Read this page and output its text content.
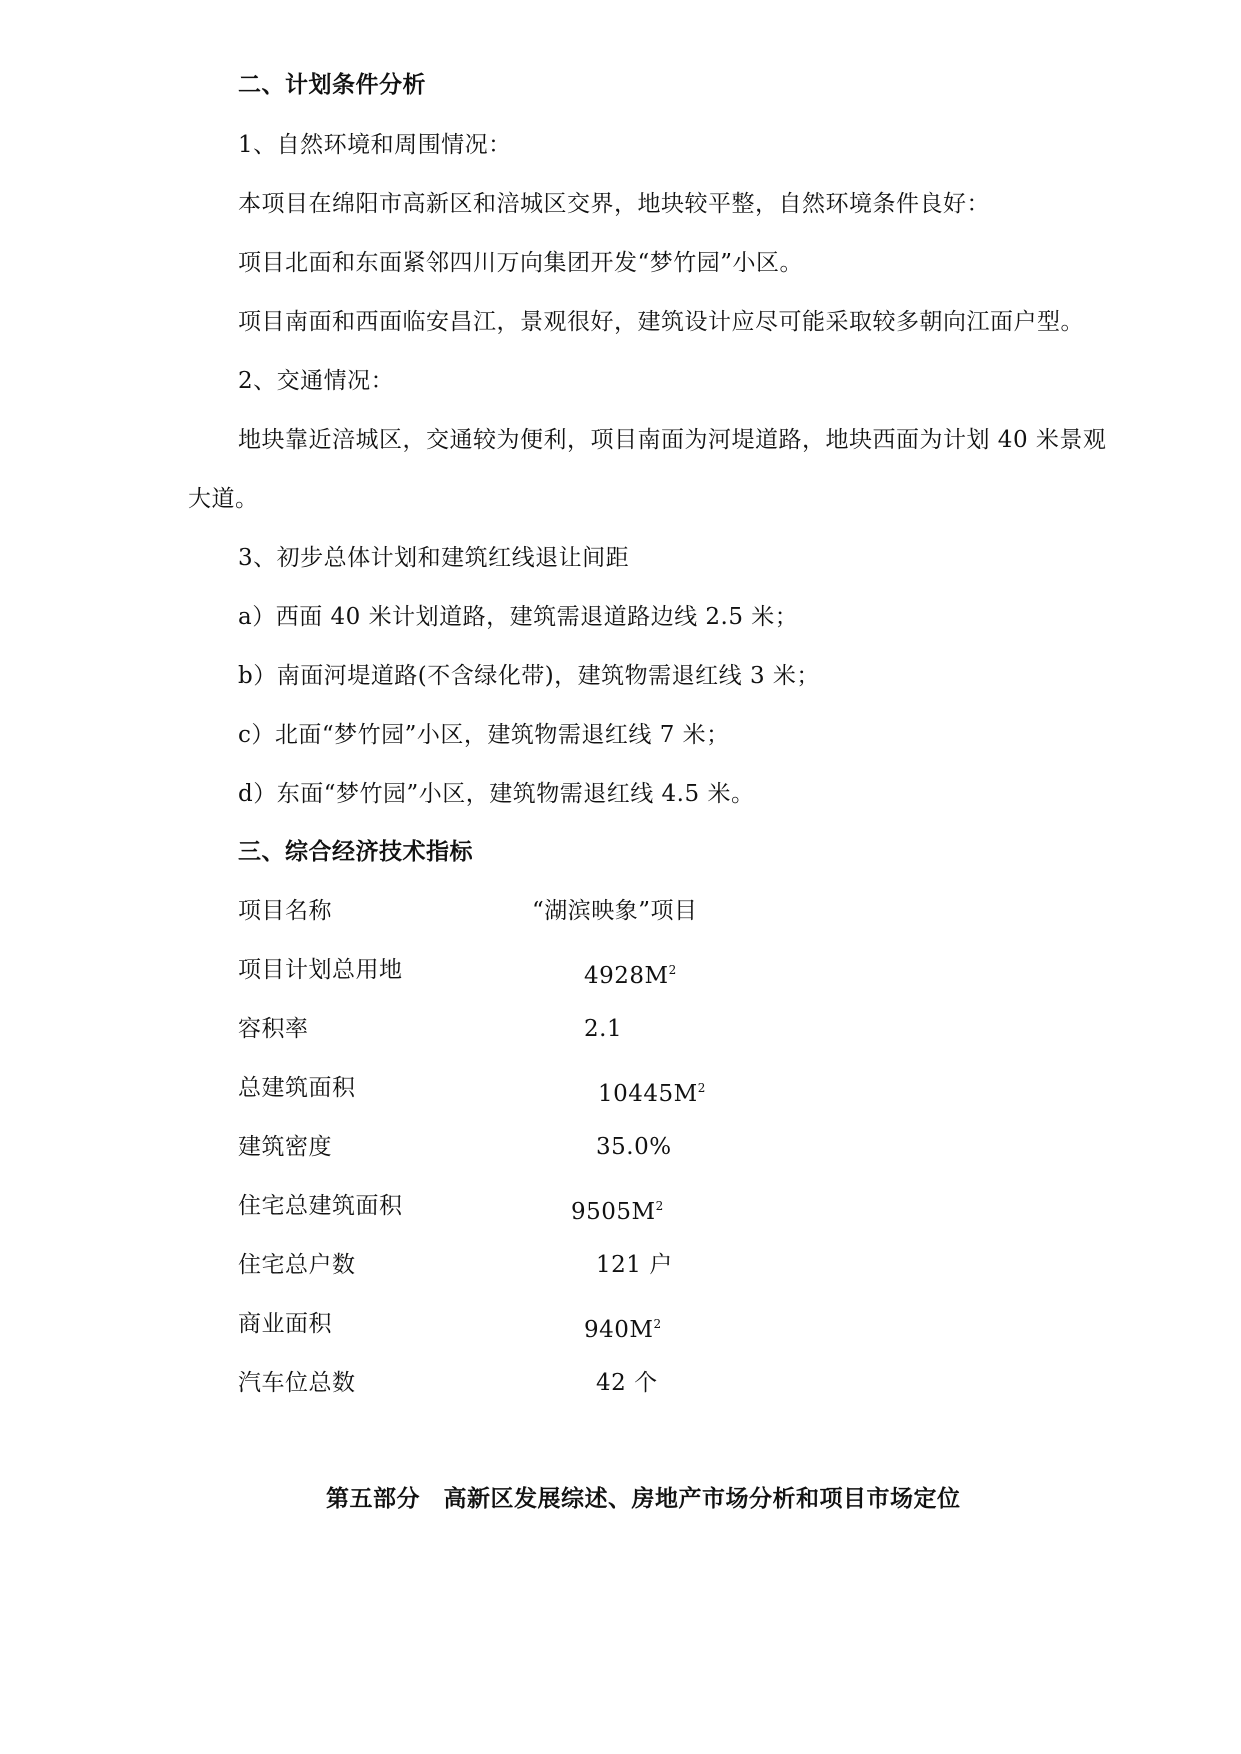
二、计划条件分析
1、自然环境和周围情况：
本项目在绵阳市高新区和涪城区交界，地块较平整，自然环境条件良好：
项目北面和东面紧邻四川万向集团开发“梦竹园”小区。
项目南面和西面临安昌江，景观很好，建筑设计应尽可能采取较多朝向江面户型。
2、交通情况：
地块靠近涪城区，交通较为便利，项目南面为河堤道路，地块西面为计划 40 米景观
大道。
3、初步总体计划和建筑红线退让间距
a）西面 40 米计划道路，建筑需退道路边线 2.5 米；
b）南面河堤道路(不含绿化带)，建筑物需退红线 3 米；
c）北面“梦竹园”小区，建筑物需退红线 7 米；
d）东面“梦竹园”小区，建筑物需退红线 4.5 米。
三、综合经济技术指标
项目名称	“湖滨映象”项目
项目计划总用地	$4928M^2$
容积率	2.1
总建筑面积	$10445M^2$
建筑密度	35.0%
住宅总建筑面积	$9505M^2$
住宅总户数	121 户
商业面积	$940M^2$
汽车位总数	42 个
第五部分　高新区发展综述、房地产市场分析和项目市场定位
